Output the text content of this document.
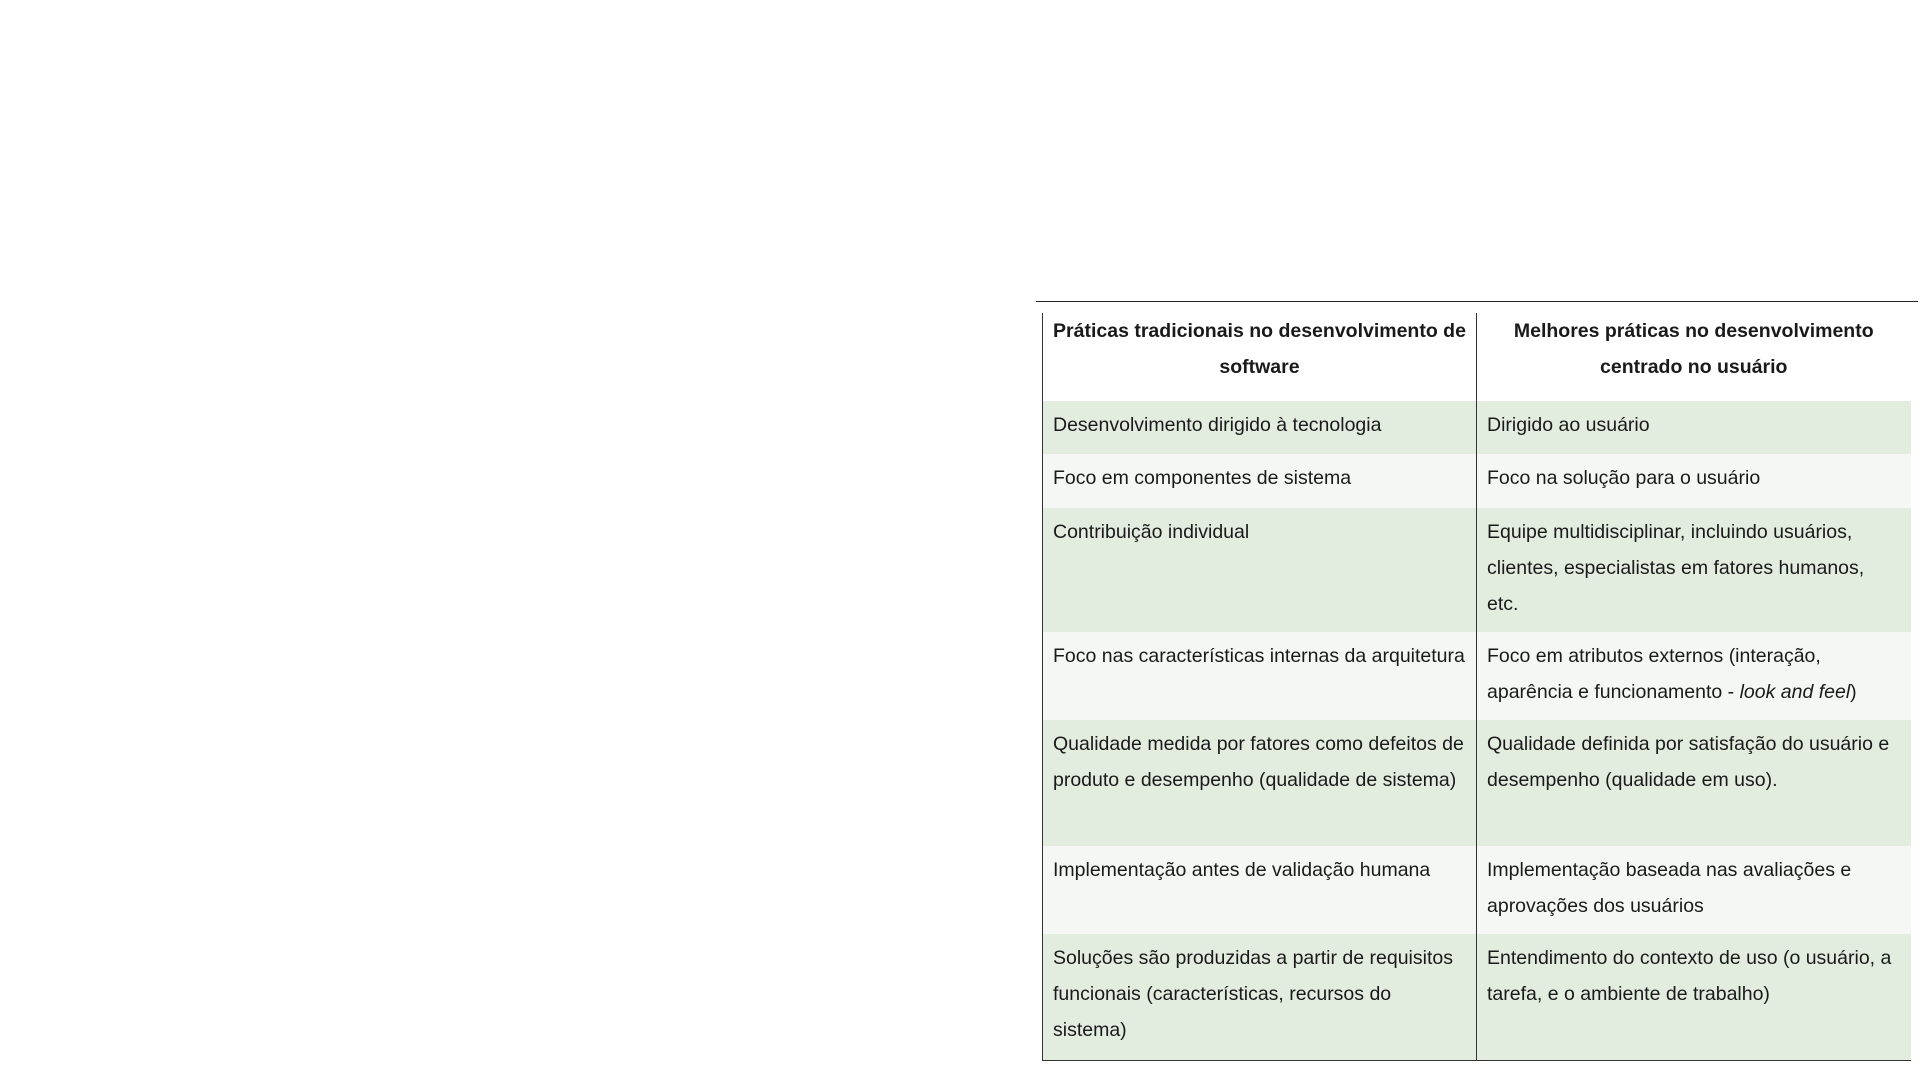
Práticas tradicionais no desenvolvimento de software	Melhores práticas no desenvolvimento centrado no usuário
Desenvolvimento dirigido à tecnologia	Dirigido ao usuário
Foco em componentes de sistema	Foco na solução para o usuário
Contribuição individual	Equipe multidisciplinar, incluindo usuários, clientes, especialistas em fatores humanos, etc.
Foco nas características internas da arquitetura	Foco em atributos externos (interação, aparência e funcionamento - look and feel)
Qualidade medida por fatores como defeitos de produto e desempenho (qualidade de sistema)	Qualidade definida por satisfação do usuário e desempenho (qualidade em uso).
Implementação antes de validação humana	Implementação baseada nas avaliações e aprovações dos usuários
Soluções são produzidas a partir de requisitos funcionais (características, recursos do sistema)	Entendimento do contexto de uso (o usuário, a tarefa, e o ambiente de trabalho)
